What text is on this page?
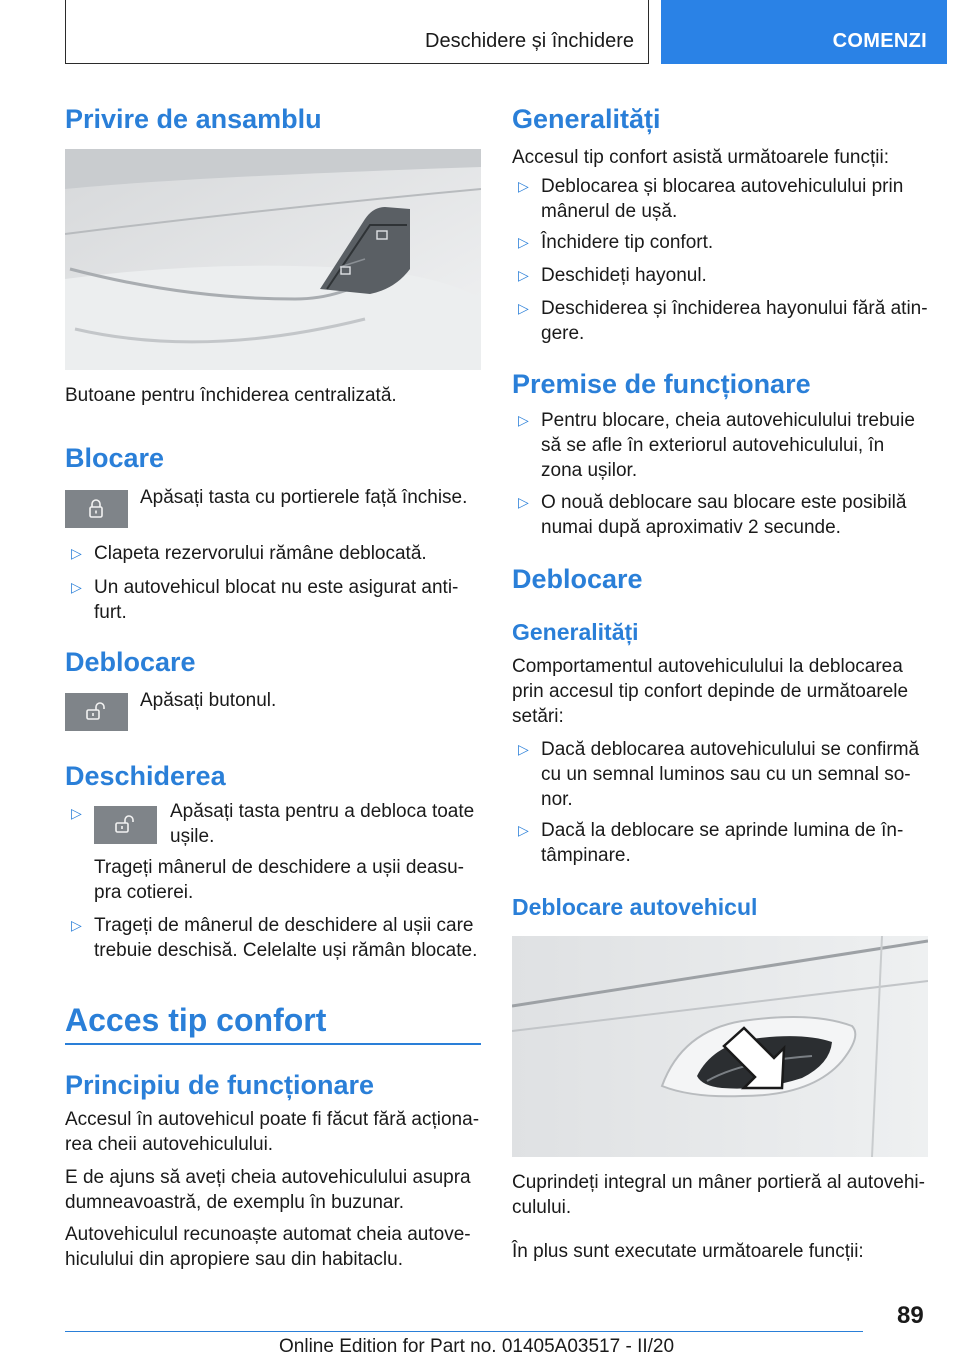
Deschidere și închidere	COMENZI
Privire de ansamblu

Butoane pentru închiderea centralizată.

Blocare

Apăsați tasta cu portierele față închise.

▷ Clapeta rezervorului rămâne deblocată.
▷ Un autovehicul blocat nu este asigurat anti-furt.
Deblocare

Apăsați butonul.

Deschiderea
▷	Apăsați tasta pentru a debloca toate ușile.

Trageți mânerul de deschidere a ușii deasu-pra cotierei.

▷ Trageți de mânerul de deschidere al ușii care trebuie deschisă. Celelalte uși rămân blocate.
Acces tip confort
Principiu de funcționare

Accesul în autovehicul poate fi făcut fără acționa-rea cheii autovehiculului.

E de ajuns să aveți cheia autovehiculului asupra dumneavoastră, de exemplu în buzunar.

Autovehiculul recunoaște automat cheia autove-hiculului din apropiere sau din habitaclu.

Generalități

Accesul tip confort asistă următoarele funcții:

▷ Deblocarea și blocarea autovehiculului prin mânerul de ușă.
▷ Închidere tip confort.
▷ Deschideți hayonul.
▷ Deschiderea și închiderea hayonului fără atin-gere.
Premise de funcționare
▷ Pentru blocare, cheia autovehiculului trebuie să se afle în exteriorul autovehiculului, în zona ușilor.
▷ O nouă deblocare sau blocare este posibilă numai după aproximativ 2 secunde.
Deblocare
Generalități

Comportamentul autovehiculului la deblocarea prin accesul tip confort depinde de următoarele setări:

▷ Dacă deblocarea autovehiculului se confirmă cu un semnal luminos sau cu un semnal so-nor.
▷ Dacă la deblocare se aprinde lumina de în-tâmpinare.
Deblocare autovehicul

Cuprindeți integral un mâner portieră al autovehi-culului.

În plus sunt executate următoarele funcții:

89
Online Edition for Part no. 01405A03517 - II/20
